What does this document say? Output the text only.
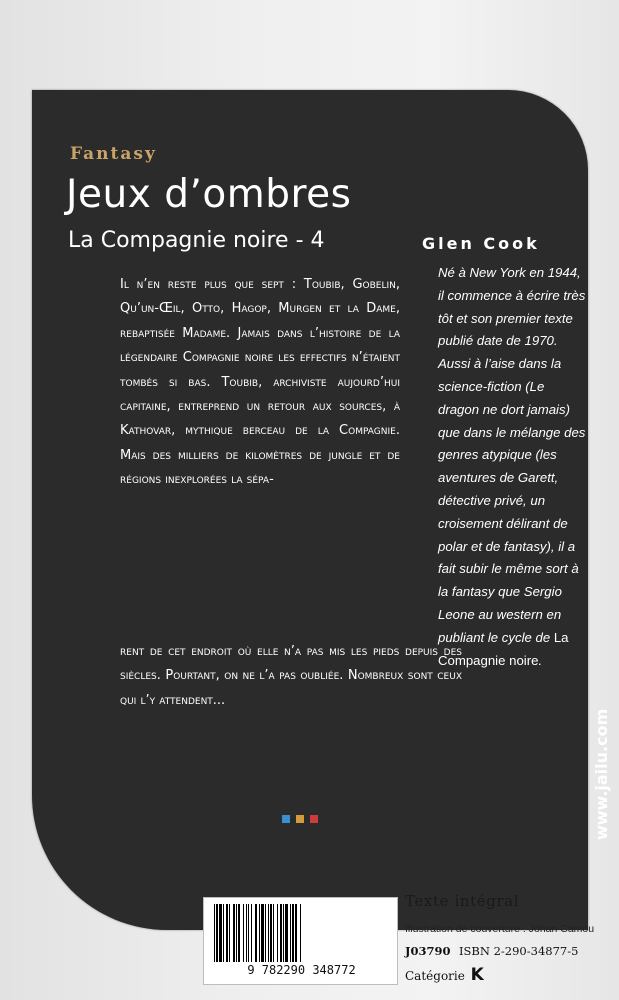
Fantasy
Jeux d’ombres
La Compagnie noire - 4	Glen Cook
Il n’en reste plus que sept : Toubib, Gobelin, Qu’un-Œil, Otto, Hagop, Murgen et la Dame, rebaptisée Madame. Jamais dans l’histoire de la légendaire Compagnie noire les effectifs n’étaient tombés si bas. Toubib, archiviste aujourd’hui capitaine, entreprend un retour aux sources, à Kathovar, mythique berceau de la Compagnie. Mais des milliers de kilomètres de jungle et de régions inexplorées la sépa-
rent de cet endroit où elle n’a pas mis les pieds depuis des siècles. Pourtant, on ne l’a pas oubliée. Nombreux sont ceux qui l’y attendent...
Né à New York en 1944, il commence à écrire très tôt et son premier texte publié date de 1970. Aussi à l’aise dans la science-fiction (Le dragon ne dort jamais) que dans le mélange des genres atypique (les aventures de Garett, détective privé, un croisement délirant de polar et de fantasy), il a fait subir le même sort à la fantasy que Sergio Leone au western en publiant le cycle de La Compagnie noire.
www.jailu.com
Texte intégral
9 782290 348772
Illustration de couverture : Johan Camou
J03790 ISBN 2-290-34877-5
Catégorie K
